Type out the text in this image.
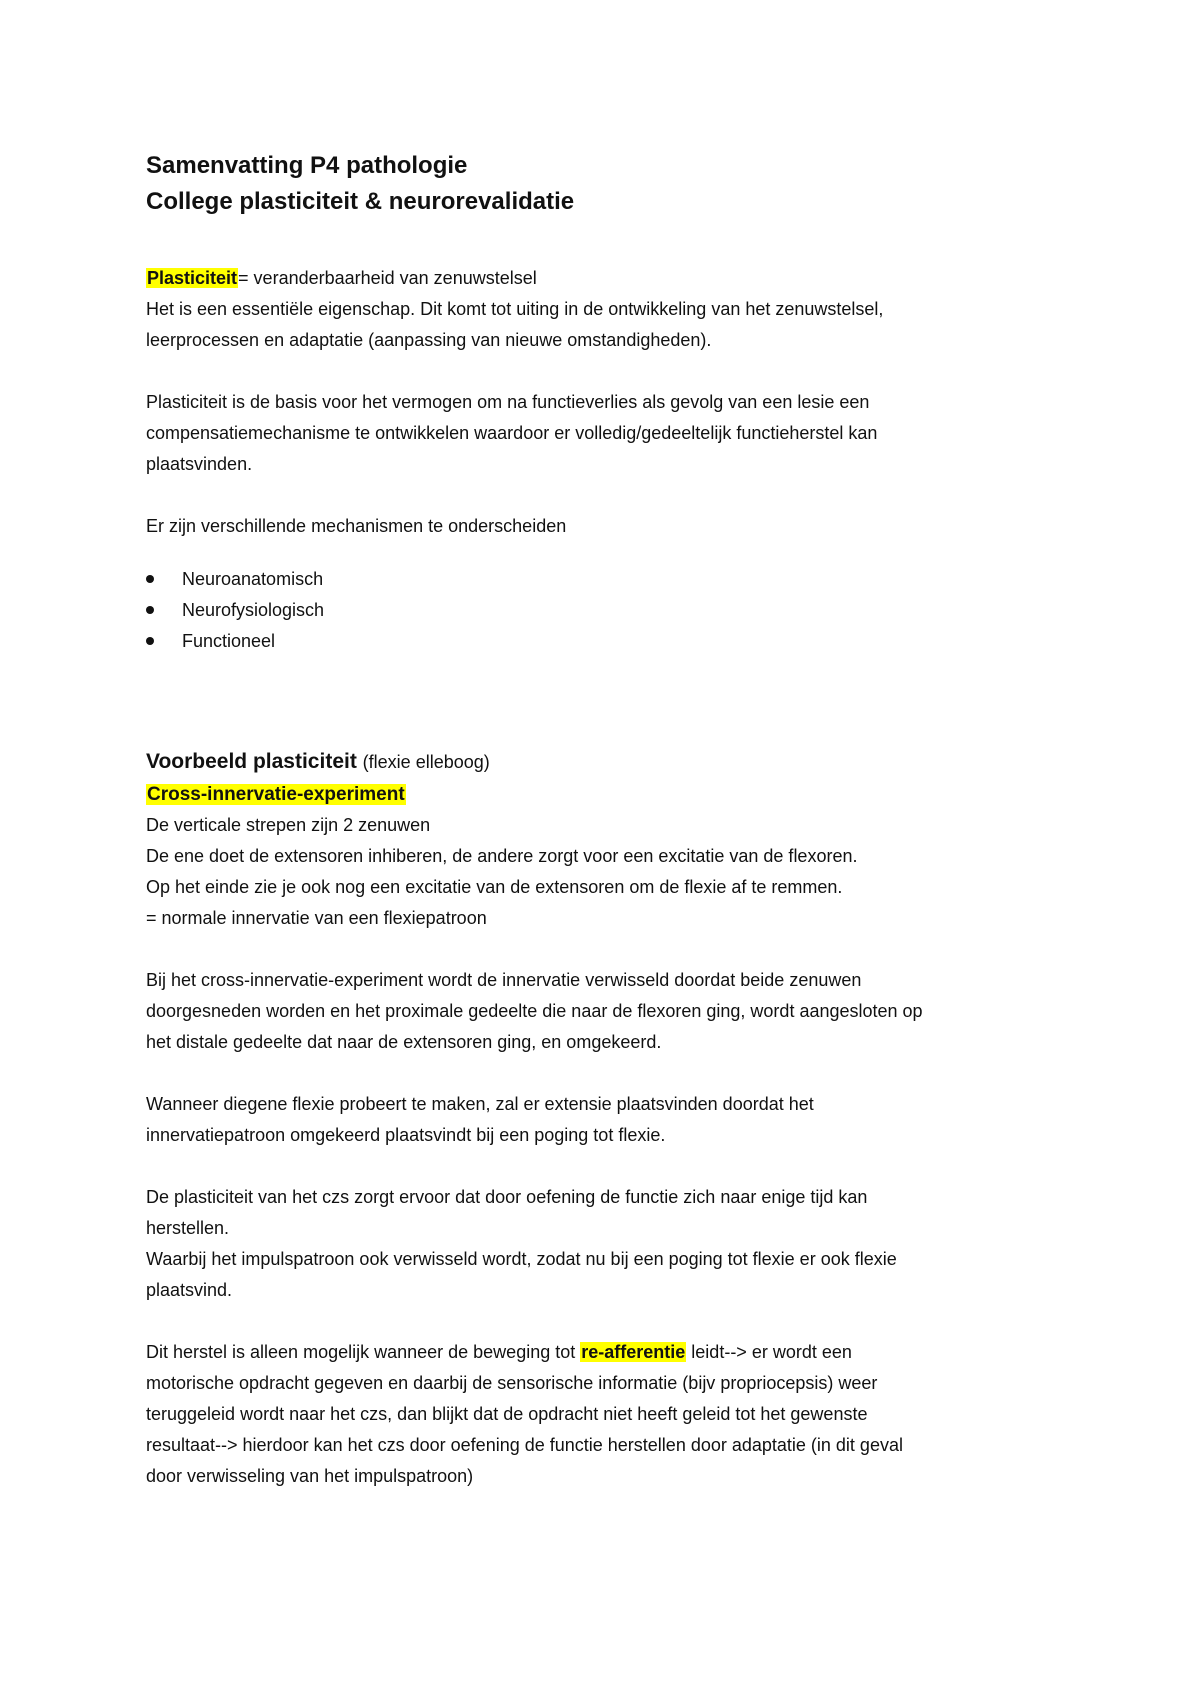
Samenvatting P4 pathologie

College plasticiteit & neurorevalidatie

Plasticiteit= veranderbaarheid van zenuwstelsel

Het is een essentiële eigenschap. Dit komt tot uiting in de ontwikkeling van het zenuwstelsel,

leerprocessen en adaptatie (aanpassing van nieuwe omstandigheden).

Plasticiteit is de basis voor het vermogen om na functieverlies als gevolg van een lesie een

compensatiemechanisme te ontwikkelen waardoor er volledig/gedeeltelijk functieherstel kan

plaatsvinden.

Er zijn verschillende mechanismen te onderscheiden

Neuroanatomisch
Neurofysiologisch
Functioneel

Voorbeeld plasticiteit (flexie elleboog)

Cross-innervatie-experiment

De verticale strepen zijn 2 zenuwen

De ene doet de extensoren inhiberen, de andere zorgt voor een excitatie van de flexoren.

Op het einde zie je ook nog een excitatie van de extensoren om de flexie af te remmen.

= normale innervatie van een flexiepatroon

Bij het cross-innervatie-experiment wordt de innervatie verwisseld doordat beide zenuwen

doorgesneden worden en het proximale gedeelte die naar de flexoren ging, wordt aangesloten op

het distale gedeelte dat naar de extensoren ging, en omgekeerd.

Wanneer diegene flexie probeert te maken, zal er extensie plaatsvinden doordat het

innervatiepatroon omgekeerd plaatsvindt bij een poging tot flexie.

De plasticiteit van het czs zorgt ervoor dat door oefening de functie zich naar enige tijd kan

herstellen.

Waarbij het impulspatroon ook verwisseld wordt, zodat nu bij een poging tot flexie er ook flexie

plaatsvind.

Dit herstel is alleen mogelijk wanneer de beweging tot re-afferentie leidt--> er wordt een

motorische opdracht gegeven en daarbij de sensorische informatie (bijv propriocepsis) weer

teruggeleid wordt naar het czs, dan blijkt dat de opdracht niet heeft geleid tot het gewenste

resultaat--> hierdoor kan het czs door oefening de functie herstellen door adaptatie (in dit geval

door verwisseling van het impulspatroon)
